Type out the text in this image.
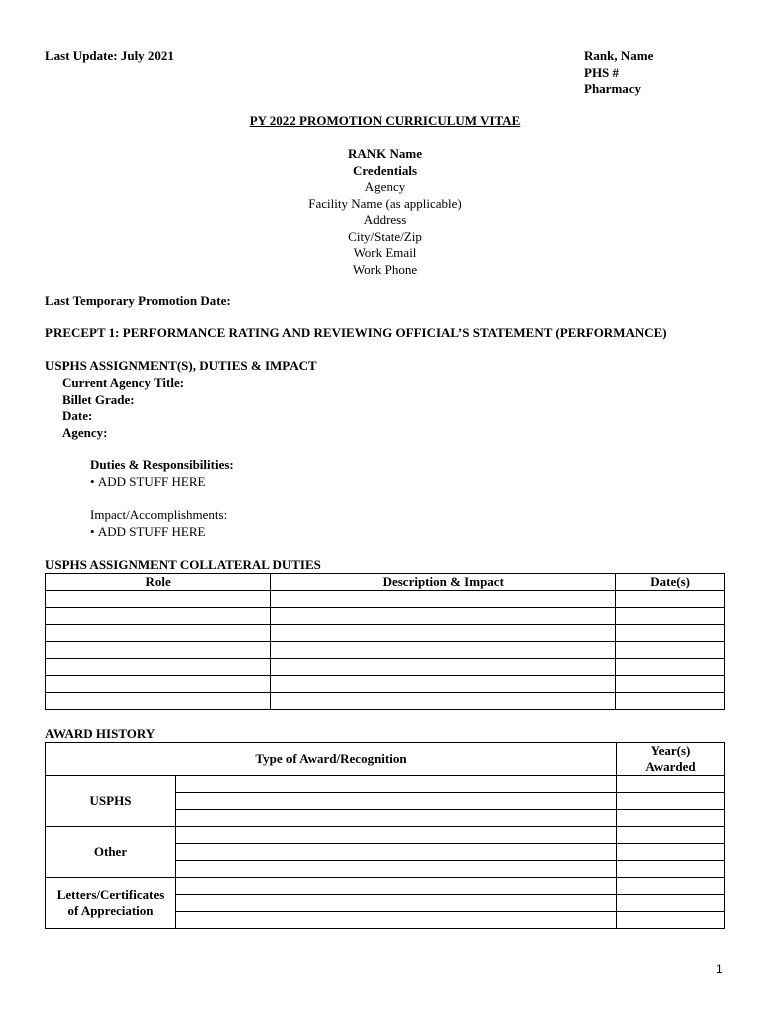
Last Update: July 2021	Rank, Name
PHS #
Pharmacy
PY 2022 PROMOTION CURRICULUM VITAE
RANK Name
Credentials
Agency
Facility Name (as applicable)
Address
City/State/Zip
Work Email
Work Phone
Last Temporary Promotion Date:
PRECEPT 1: PERFORMANCE RATING AND REVIEWING OFFICIAL’S STATEMENT (PERFORMANCE)
USPHS ASSIGNMENT(S), DUTIES & IMPACT
Current Agency Title:
Billet Grade:
Date:
Agency:
Duties & Responsibilities:
• ADD STUFF HERE
Impact/Accomplishments:
• ADD STUFF HERE
USPHS ASSIGNMENT COLLATERAL DUTIES
Role	Description & Impact	Date(s)

AWARD HISTORY
Type of Award/Recognition		Year(s)
Awarded

USPHS		

Other		

Letters/Certificates
of Appreciation		

1
